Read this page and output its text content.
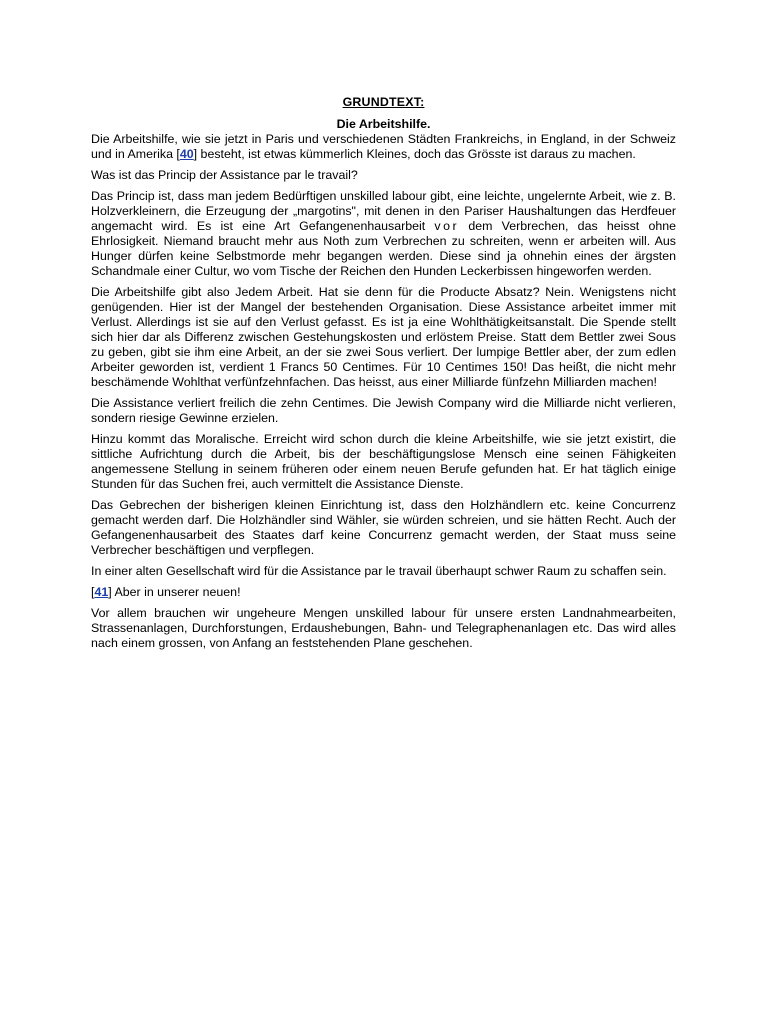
GRUNDTEXT:
Die Arbeitshilfe.

Die Arbeitshilfe, wie sie jetzt in Paris und verschiedenen Städten Frankreichs, in England, in der Schweiz und in Amerika [40] besteht, ist etwas kümmerlich Kleines, doch das Grösste ist daraus zu machen.

Was ist das Princip der Assistance par le travail?

Das Princip ist, dass man jedem Bedürftigen unskilled labour gibt, eine leichte, ungelernte Arbeit, wie z. B. Holzverkleinern, die Erzeugung der „margotins", mit denen in den Pariser Haushaltungen das Herdfeuer angemacht wird. Es ist eine Art Gefangenenhausarbeit vor dem Verbrechen, das heisst ohne Ehrlosigkeit. Niemand braucht mehr aus Noth zum Verbrechen zu schreiten, wenn er arbeiten will. Aus Hunger dürfen keine Selbstmorde mehr begangen werden. Diese sind ja ohnehin eines der ärgsten Schandmale einer Cultur, wo vom Tische der Reichen den Hunden Leckerbissen hingeworfen werden.

Die Arbeitshilfe gibt also Jedem Arbeit. Hat sie denn für die Producte Absatz? Nein. Wenigstens nicht genügenden. Hier ist der Mangel der bestehenden Organisation. Diese Assistance arbeitet immer mit Verlust. Allerdings ist sie auf den Verlust gefasst. Es ist ja eine Wohlthätigkeitsanstalt. Die Spende stellt sich hier dar als Differenz zwischen Gestehungskosten und erlöstem Preise. Statt dem Bettler zwei Sous zu geben, gibt sie ihm eine Arbeit, an der sie zwei Sous verliert. Der lumpige Bettler aber, der zum edlen Arbeiter geworden ist, verdient 1 Francs 50 Centimes. Für 10 Centimes 150! Das heißt, die nicht mehr beschämende Wohlthat verfünfzehnfachen. Das heisst, aus einer Milliarde fünfzehn Milliarden machen!

Die Assistance verliert freilich die zehn Centimes. Die Jewish Company wird die Milliarde nicht verlieren, sondern riesige Gewinne erzielen.

Hinzu kommt das Moralische. Erreicht wird schon durch die kleine Arbeitshilfe, wie sie jetzt existirt, die sittliche Aufrichtung durch die Arbeit, bis der beschäftigungslose Mensch eine seinen Fähigkeiten angemessene Stellung in seinem früheren oder einem neuen Berufe gefunden hat. Er hat täglich einige Stunden für das Suchen frei, auch vermittelt die Assistance Dienste.

Das Gebrechen der bisherigen kleinen Einrichtung ist, dass den Holzhändlern etc. keine Concurrenz gemacht werden darf. Die Holzhändler sind Wähler, sie würden schreien, und sie hätten Recht. Auch der Gefangenenhausarbeit des Staates darf keine Concurrenz gemacht werden, der Staat muss seine Verbrecher beschäftigen und verpflegen.

In einer alten Gesellschaft wird für die Assistance par le travail überhaupt schwer Raum zu schaffen sein.

[41] Aber in unserer neuen!

Vor allem brauchen wir ungeheure Mengen unskilled labour für unsere ersten Landnahmearbeiten, Strassenanlagen, Durchforstungen, Erdaushebungen, Bahn- und Telegraphenanlagen etc. Das wird alles nach einem grossen, von Anfang an feststehenden Plane geschehen.
